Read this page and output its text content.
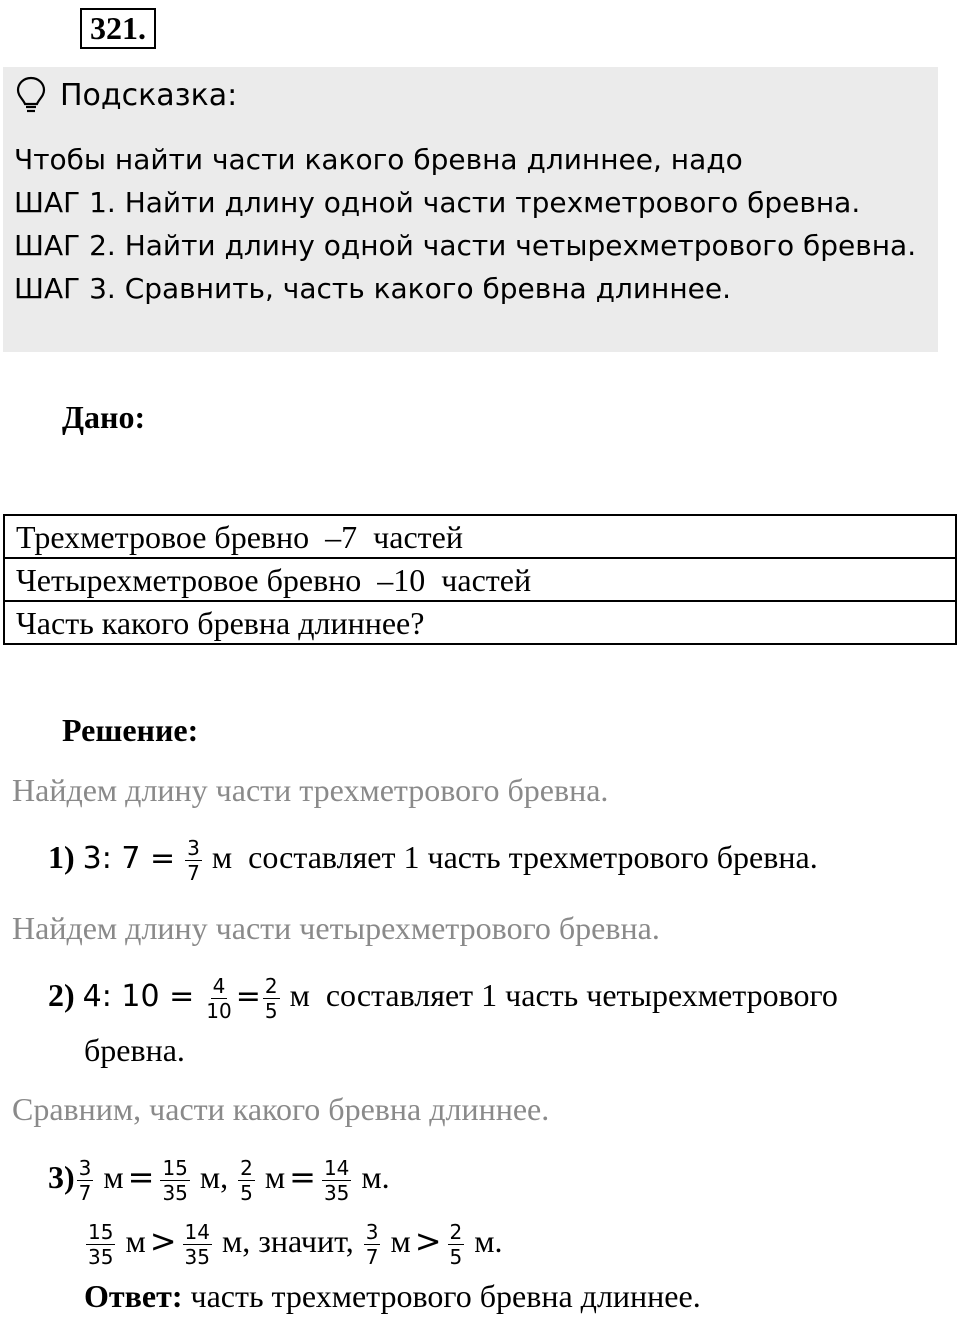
321.
Подсказка:
Чтобы найти части какого бревна длиннее, надо
ШАГ 1. Найти длину одной части трехметрового бревна.
ШАГ 2. Найти длину одной части четырехметрового бревна.
ШАГ 3. Сравнить, часть какого бревна длиннее.
Дано:
Трехметровое бревно  –7  частей
Четырехметровое бревно  –10  частей
Часть какого бревна длиннее?
Решение:
Найдем длину части трехметрового бревна.
1) 3: $7 = \frac{3}{7}$ м  составляет 1 часть трехметрового бревна.
Найдем длину части четырехметрового бревна.
2) 4: $10 = \frac{4}{10} = \frac{2}{5}$ м  составляет 1 часть четырехметрового
бревна.
Сравним, части какого бревна длиннее.
$3) \frac{3}{7}$ $м = \frac{15}{35} м$, $\frac{2}{5}$ $м = \frac{14}{35} м$.
$\frac{15}{35}$ $м > \frac{14}{35} м$, значит, $\frac{3}{7}$ $м > \frac{2}{5} м$.
Ответ: часть трехметрового бревна длиннее.
